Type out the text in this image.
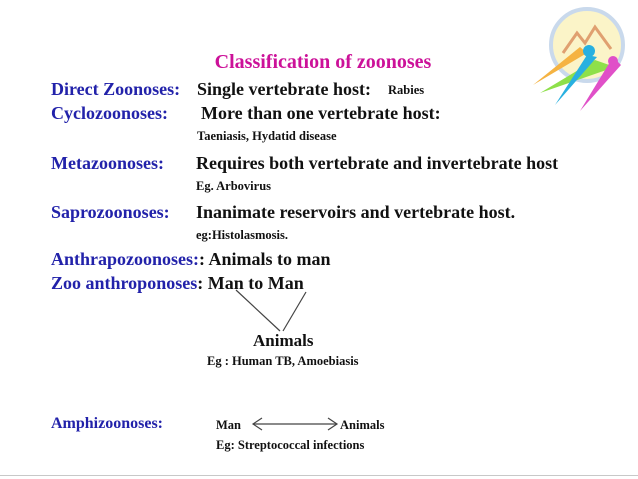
Classification of zoonoses
Direct Zoonoses: Single vertebrate host: Rabies
Cyclozoonoses: More than one vertebrate host:
Taeniasis, Hydatid disease
Metazoonoses: Requires both vertebrate and invertebrate host
Eg. Arbovirus
Saprozoonoses: Inanimate reservoirs and vertebrate host.
eg:Histolasmosis.
Anthrapozoonoses:: Animals to man
Zoo anthroponoses: Man to Man
Animals
Eg : Human TB, Amoebiasis
Amphizoonoses:	Man	Animals
Eg: Streptococcal infections
